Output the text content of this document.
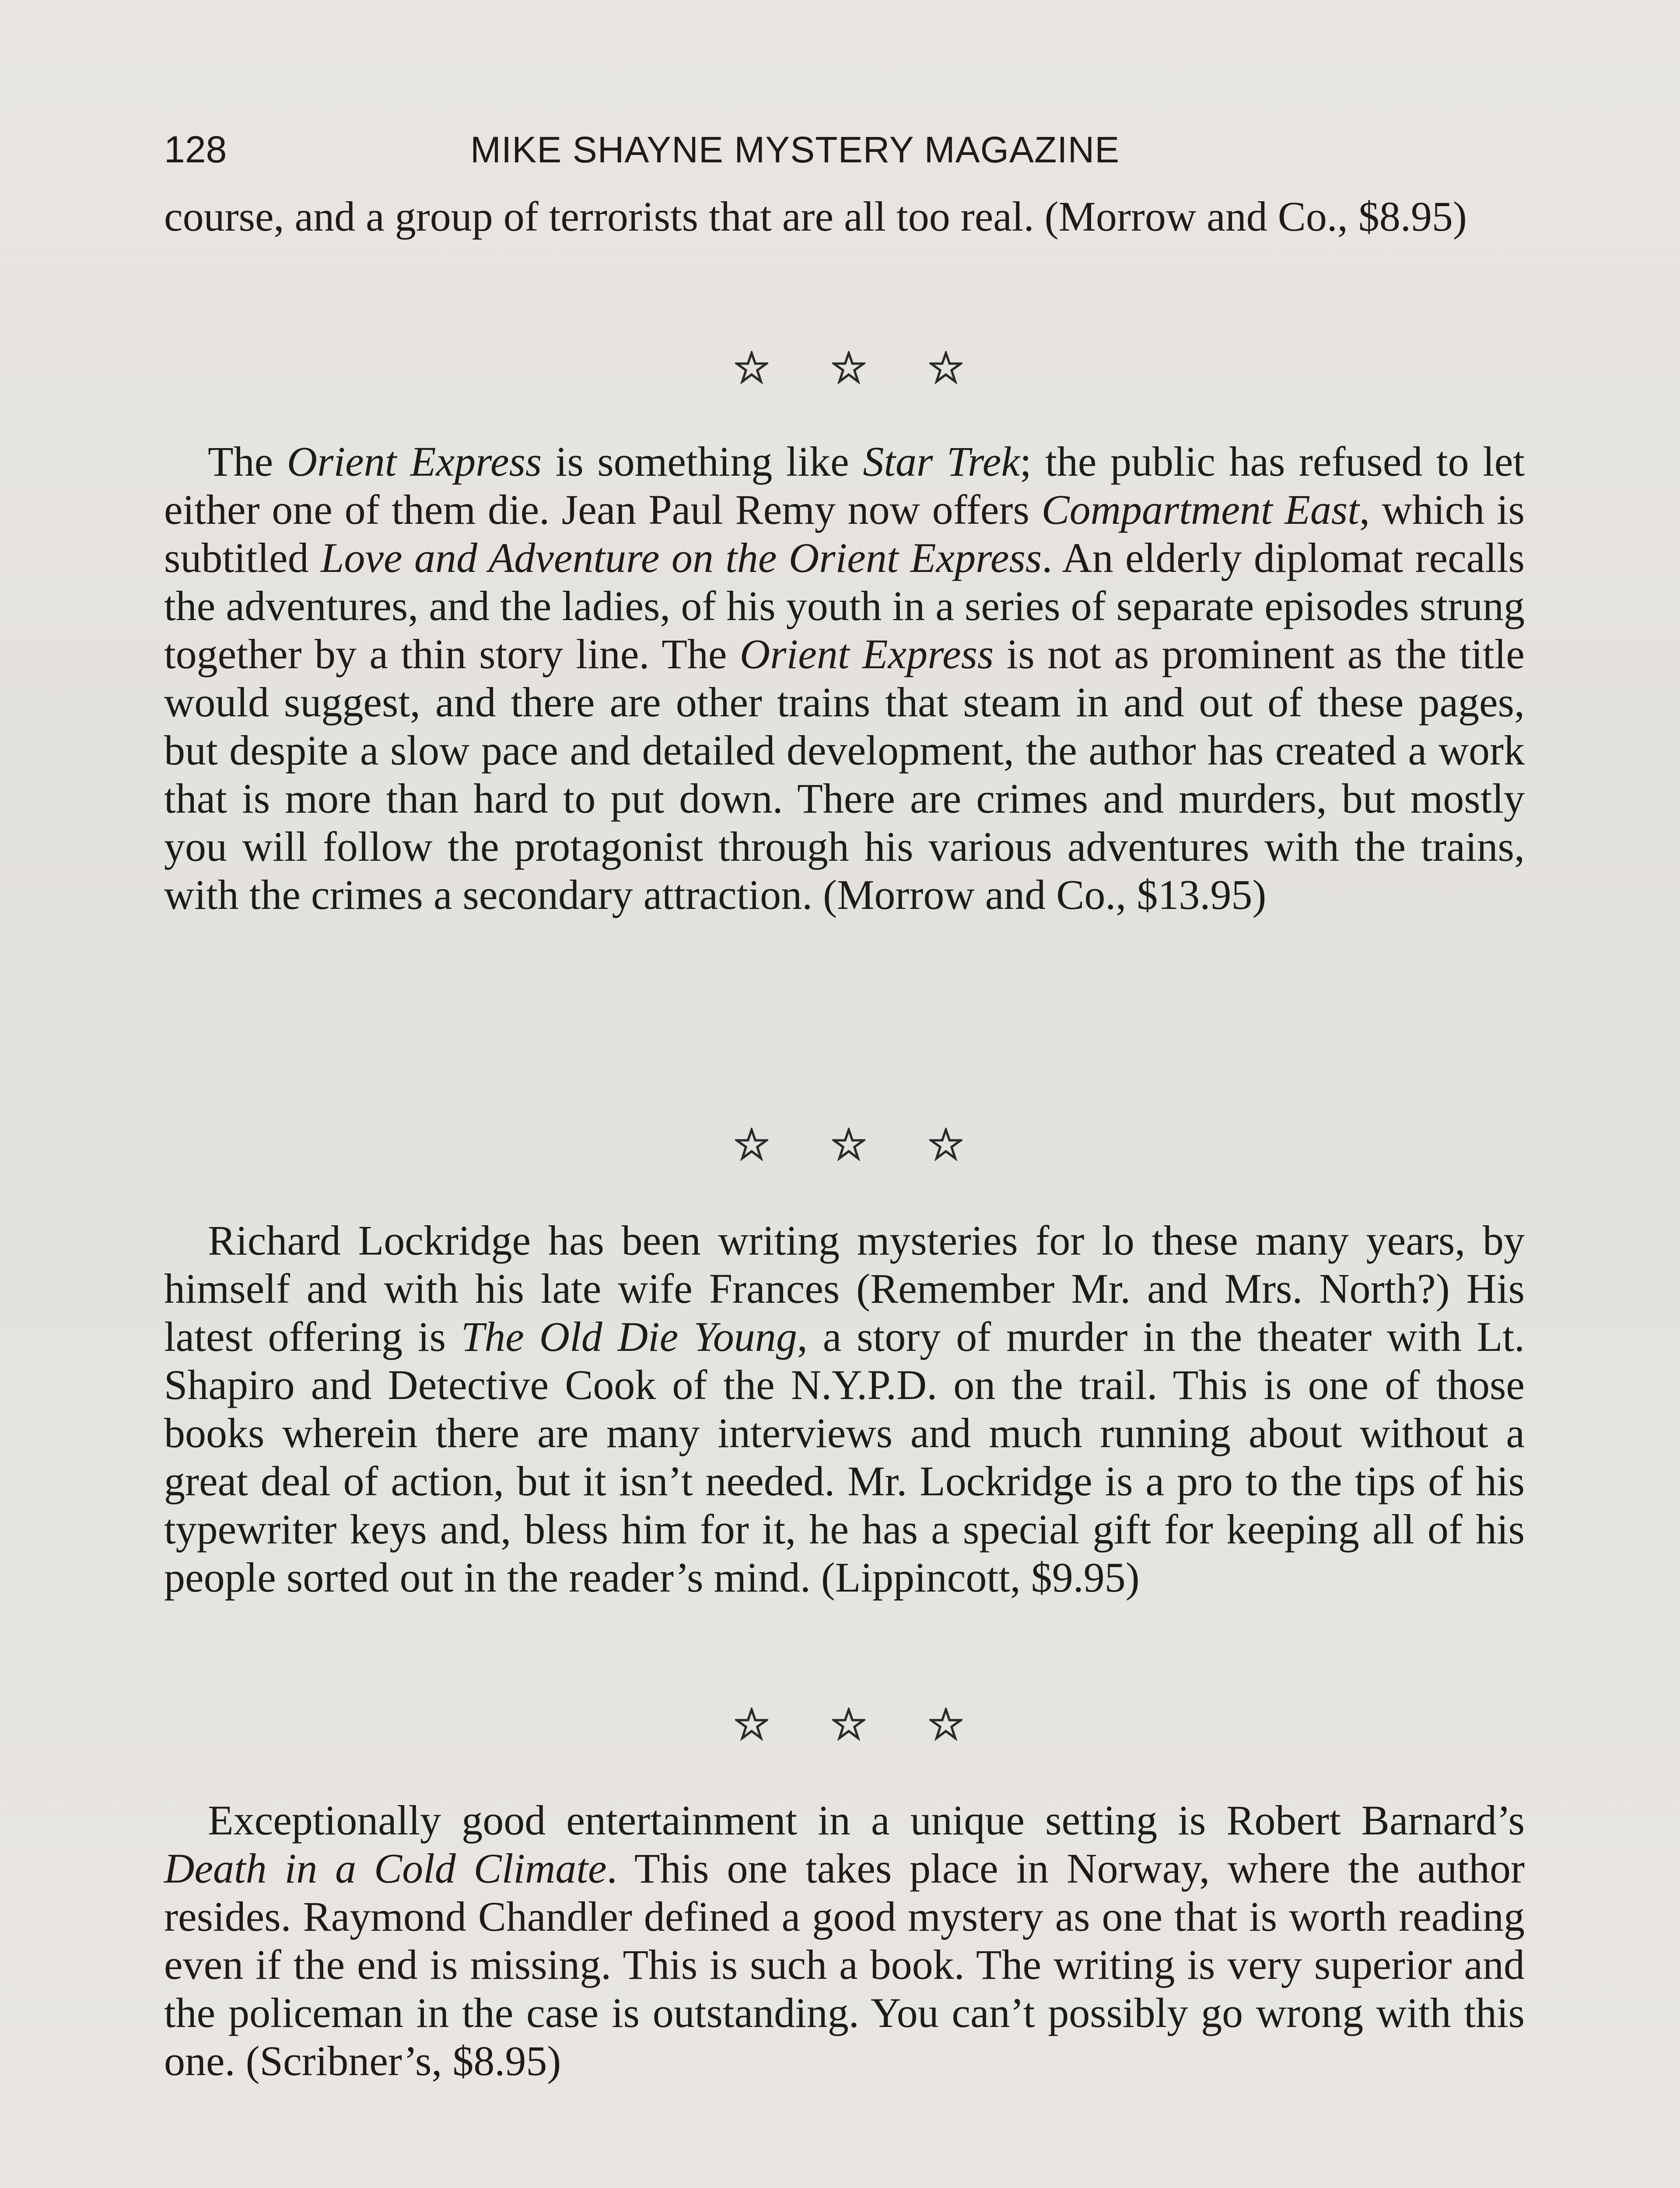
128	MIKE SHAYNE MYSTERY MAGAZINE

course, and a group of terrorists that are all too real. (Morrow and Co., $8.95)

The Orient Express is something like Star Trek; the public has refused to let either one of them die. Jean Paul Remy now offers Compartment East, which is subtitled Love and Adventure on the Orient Express. An elderly diplomat recalls the adventures, and the ladies, of his youth in a series of separate episodes strung together by a thin story line. The Orient Express is not as prominent as the title would suggest, and there are other trains that steam in and out of these pages, but despite a slow pace and detailed development, the author has created a work that is more than hard to put down. There are crimes and murders, but mostly you will follow the protagonist through his various adventures with the trains, with the crimes a secondary attraction. (Morrow and Co., $13.95)

Richard Lockridge has been writing mysteries for lo these many years, by himself and with his late wife Frances (Remember Mr. and Mrs. North?) His latest offering is The Old Die Young, a story of murder in the theater with Lt. Shapiro and Detective Cook of the N.Y.P.D. on the trail. This is one of those books wherein there are many interviews and much running about without a great deal of action, but it isn’t needed. Mr. Lockridge is a pro to the tips of his typewriter keys and, bless him for it, he has a special gift for keeping all of his people sorted out in the reader’s mind. (Lippincott, $9.95)

Exceptionally good entertainment in a unique setting is Robert Barnard’s Death in a Cold Climate. This one takes place in Norway, where the author resides. Raymond Chandler defined a good mystery as one that is worth reading even if the end is missing. This is such a book. The writing is very superior and the policeman in the case is outstanding. You can’t possibly go wrong with this one. (Scribner’s, $8.95)
